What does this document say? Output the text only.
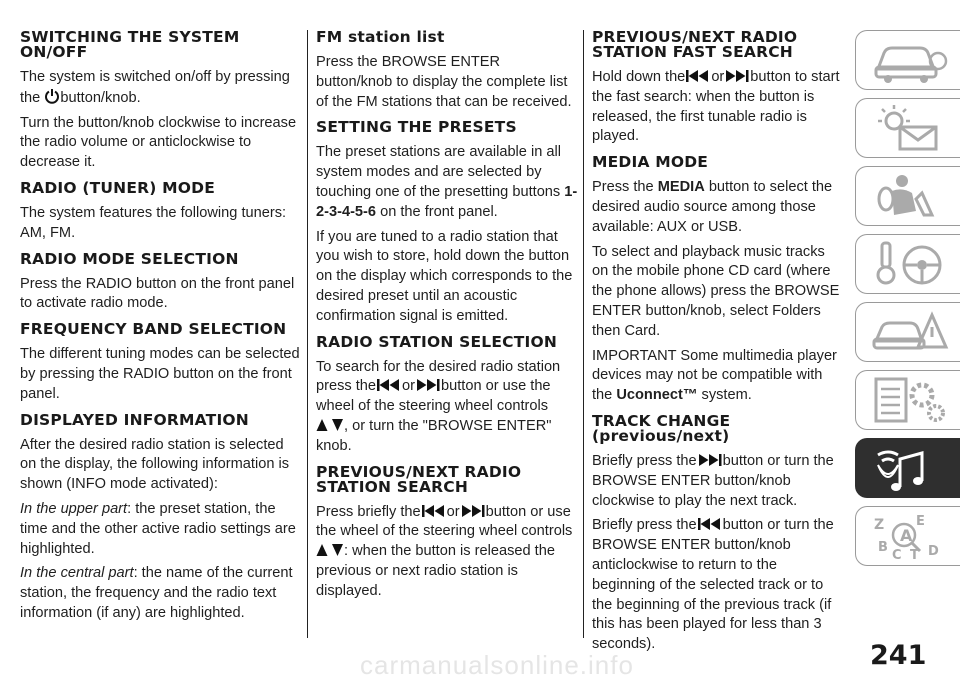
SWITCHING THE SYSTEM ON/OFF

The system is switched on/off by pressing the button/knob.

Turn the button/knob clockwise to increase the radio volume or anticlockwise to decrease it.

RADIO (TUNER) MODE

The system features the following tuners: AM, FM.

RADIO MODE SELECTION

Press the RADIO button on the front panel to activate radio mode.

FREQUENCY BAND SELECTION

The different tuning modes can be selected by pressing the RADIO button on the front panel.

DISPLAYED INFORMATION

After the desired radio station is selected on the display, the following information is shown (INFO mode activated):

In the upper part: the preset station, the time and the other active radio settings are highlighted.

In the central part: the name of the current station, the frequency and the radio text information (if any) are highlighted.

FM station list

Press the BROWSE ENTER button/knob to display the complete list of the FM stations that can be received.

SETTING THE PRESETS

The preset stations are available in all system modes and are selected by touching one of the presetting buttons 1-2-3-4-5-6 on the front panel.

If you are tuned to a radio station that you wish to store, hold down the button on the display which corresponds to the desired preset until an acoustic confirmation signal is emitted.

RADIO STATION SELECTION

To search for the desired radio station press the or button or use the wheel of the steering wheel controls
, or turn the "BROWSE ENTER" knob.

PREVIOUS/NEXT RADIO STATION SEARCH

Press briefly the or button or use the wheel of the steering wheel controls
: when the button is released the previous or next radio station is displayed.

PREVIOUS/NEXT RADIO STATION FAST SEARCH

Hold down the or button to start the fast search: when the button is released, the first tunable radio is played.

MEDIA MODE

Press the MEDIA button to select the desired audio source among those available: AUX or USB.

To select and playback music tracks on the mobile phone CD card (where the phone allows) press the BROWSE ENTER button/knob, select Folders then Card.

IMPORTANT Some multimedia player devices may not be compatible with the Uconnect™ system.

TRACK CHANGE (previous/next)

Briefly press the button or turn the BROWSE ENTER button/knob clockwise to play the next track.

Briefly press the button or turn the BROWSE ENTER button/knob anticlockwise to return to the beginning of the selected track or to the beginning of the previous track (if this has been played for less than 3 seconds).

Z E
A
B
C T D
241
carmanualsonline.info
